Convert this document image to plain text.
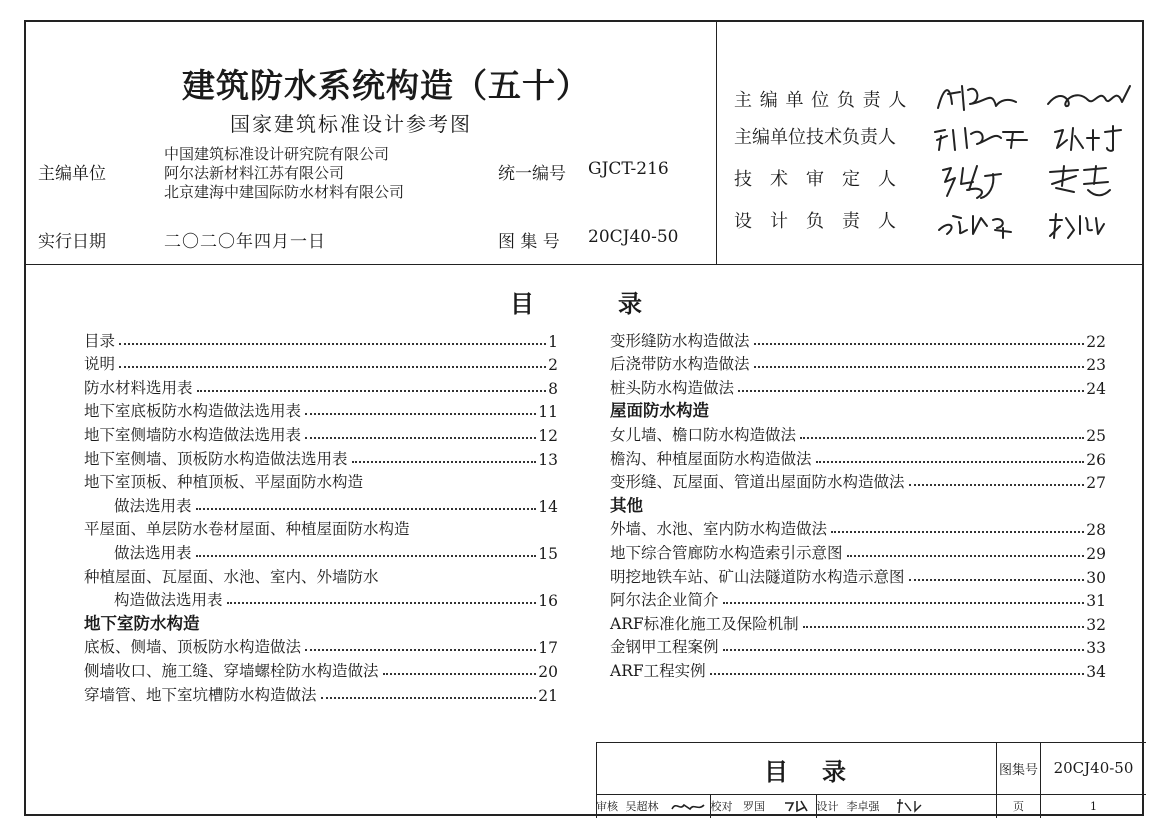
建筑防水系统构造（五十）
国家建筑标准设计参考图
主编单位
中国建筑标准设计研究院有限公司
阿尔法新材料江苏有限公司
北京建海中建国际防水材料有限公司
统一编号 GJCT-216
实行日期	二〇二〇年四月一日	图 集 号 20CJ40-50
主 编 单 位 负 责 人
主编单位技术负责人
技　术　审　定　人
设　计　负　责　人
目	录
目录	1
说明	2
防水材料选用表	8
地下室底板防水构造做法选用表	11
地下室侧墙防水构造做法选用表	12
地下室侧墙、顶板防水构造做法选用表	13
地下室顶板、种植顶板、平屋面防水构造
做法选用表	14
平屋面、单层防水卷材屋面、种植屋面防水构造
做法选用表	15
种植屋面、瓦屋面、水池、室内、外墙防水
构造做法选用表	16
地下室防水构造
底板、侧墙、顶板防水构造做法	17
侧墙收口、施工缝、穿墙螺栓防水构造做法	20
穿墙管、地下室坑槽防水构造做法	21
变形缝防水构造做法	22
后浇带防水构造做法	23
桩头防水构造做法	24
屋面防水构造
女儿墙、檐口防水构造做法	25
檐沟、种植屋面防水构造做法	26
变形缝、瓦屋面、管道出屋面防水构造做法	27
其他
外墙、水池、室内防水构造做法	28
地下综合管廊防水构造索引示意图	29
明挖地铁车站、矿山法隧道防水构造示意图	30
阿尔法企业简介	31
ARF标准化施工及保险机制	32
金钢甲工程案例	33
ARF工程实例	34
目 录	图集号	20CJ40-50
审核 吴超林	校对 罗国	设计 李卓强	页	1
